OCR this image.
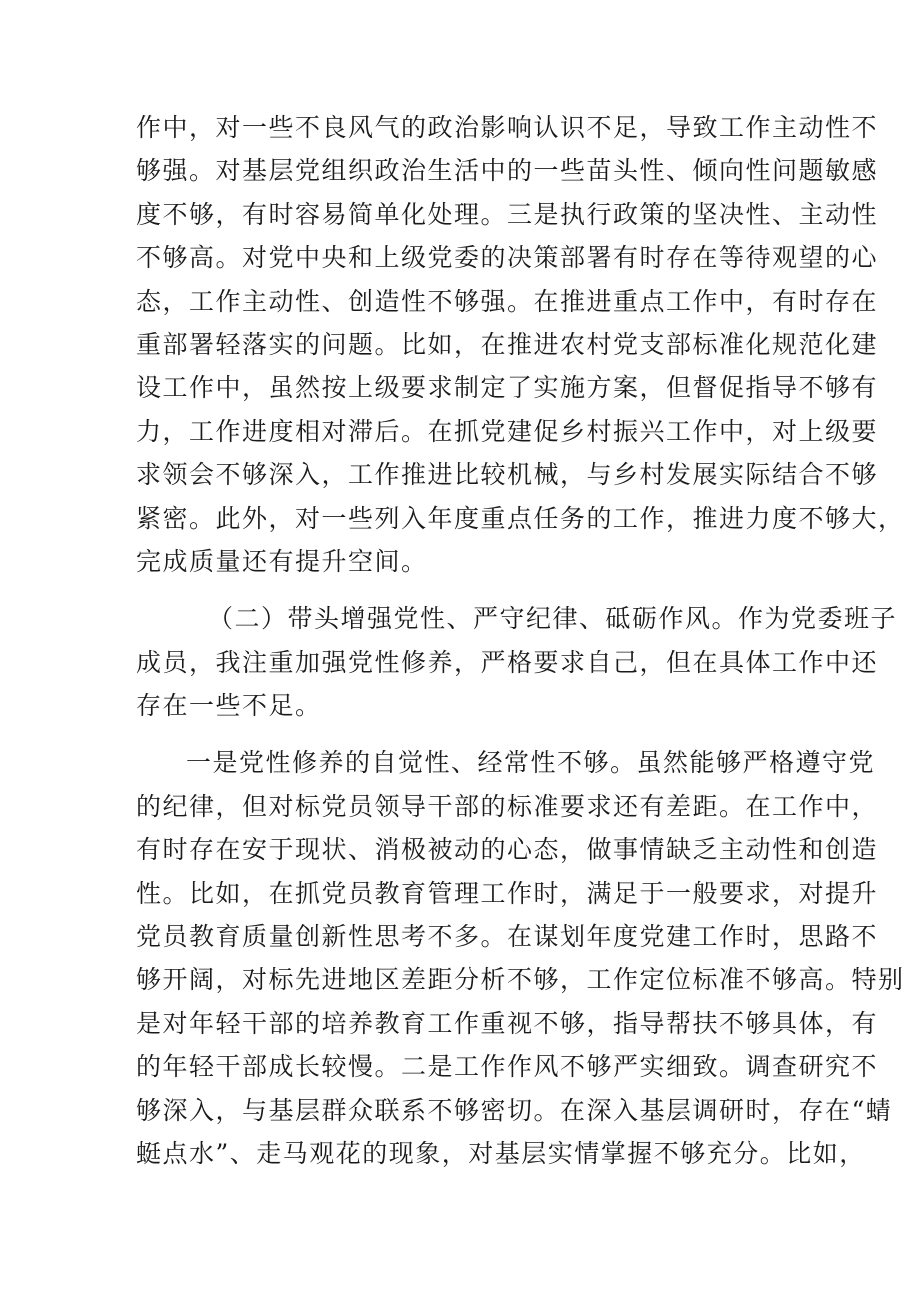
作中，对一些不良风气的政治影响认识不足，导致工作主动性不
够强。对基层党组织政治生活中的一些苗头性、倾向性问题敏感
度不够，有时容易简单化处理。三是执行政策的坚决性、主动性
不够高。对党中央和上级党委的决策部署有时存在等待观望的心
态，工作主动性、创造性不够强。在推进重点工作中，有时存在
重部署轻落实的问题。比如，在推进农村党支部标准化规范化建
设工作中，虽然按上级要求制定了实施方案，但督促指导不够有
力，工作进度相对滞后。在抓党建促乡村振兴工作中，对上级要
求领会不够深入，工作推进比较机械，与乡村发展实际结合不够
紧密。此外，对一些列入年度重点任务的工作，推进力度不够大，
完成质量还有提升空间。
（二）带头增强党性、严守纪律、砥砺作风。作为党委班子
成员，我注重加强党性修养，严格要求自己，但在具体工作中还
存在一些不足。
一是党性修养的自觉性、经常性不够。虽然能够严格遵守党
的纪律，但对标党员领导干部的标准要求还有差距。在工作中，
有时存在安于现状、消极被动的心态，做事情缺乏主动性和创造
性。比如，在抓党员教育管理工作时，满足于一般要求，对提升
党员教育质量创新性思考不多。在谋划年度党建工作时，思路不
够开阔，对标先进地区差距分析不够，工作定位标准不够高。特别
是对年轻干部的培养教育工作重视不够，指导帮扶不够具体，有
的年轻干部成长较慢。二是工作作风不够严实细致。调查研究不
够深入，与基层群众联系不够密切。在深入基层调研时，存在“蜻
蜓点水”、走马观花的现象，对基层实情掌握不够充分。比如，
